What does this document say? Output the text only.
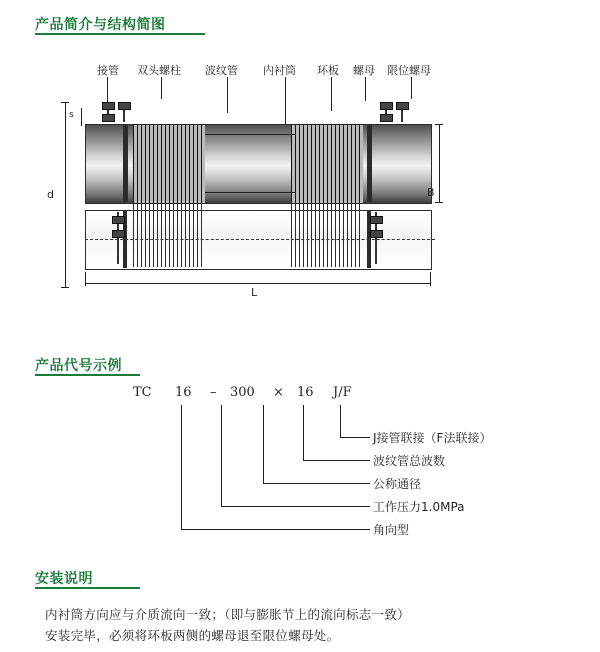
产品简介与结构简图
接管 双头螺柱 波纹管 内衬筒 环板 螺母 限位螺母
d
s
B
L
产品代号示例
TC 16 – 300 × 16 J/F
J接管联接（F法联接）
波纹管总波数
公称通径
工作压力1.0MPa
角向型
安装说明
内衬筒方向应与介质流向一致；（即与膨胀节上的流向标志一致）
安装完毕，必须将环板两侧的螺母退至限位螺母处。
